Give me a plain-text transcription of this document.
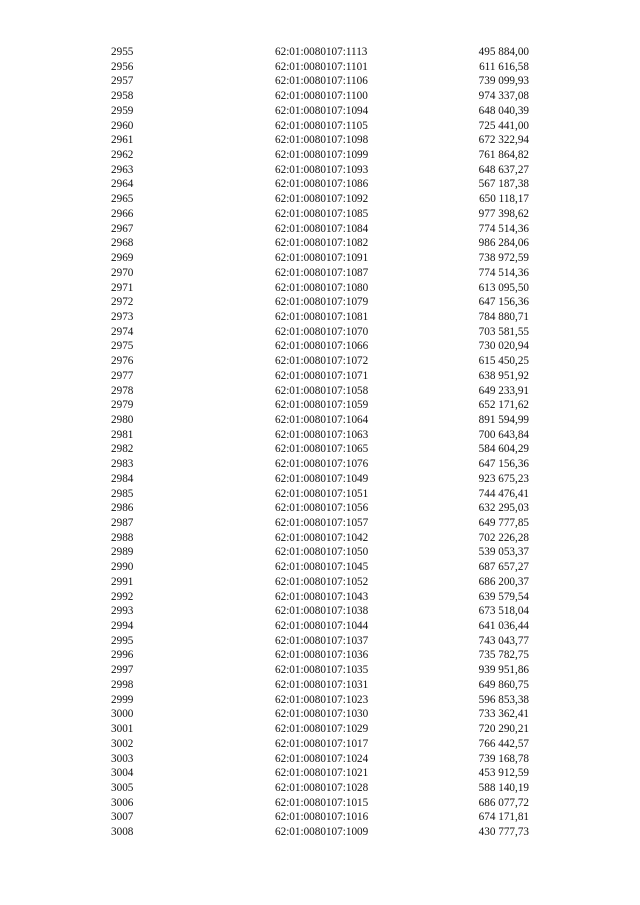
2955	62:01:0080107:1113	495 884,00
2956	62:01:0080107:1101	611 616,58
2957	62:01:0080107:1106	739 099,93
2958	62:01:0080107:1100	974 337,08
2959	62:01:0080107:1094	648 040,39
2960	62:01:0080107:1105	725 441,00
2961	62:01:0080107:1098	672 322,94
2962	62:01:0080107:1099	761 864,82
2963	62:01:0080107:1093	648 637,27
2964	62:01:0080107:1086	567 187,38
2965	62:01:0080107:1092	650 118,17
2966	62:01:0080107:1085	977 398,62
2967	62:01:0080107:1084	774 514,36
2968	62:01:0080107:1082	986 284,06
2969	62:01:0080107:1091	738 972,59
2970	62:01:0080107:1087	774 514,36
2971	62:01:0080107:1080	613 095,50
2972	62:01:0080107:1079	647 156,36
2973	62:01:0080107:1081	784 880,71
2974	62:01:0080107:1070	703 581,55
2975	62:01:0080107:1066	730 020,94
2976	62:01:0080107:1072	615 450,25
2977	62:01:0080107:1071	638 951,92
2978	62:01:0080107:1058	649 233,91
2979	62:01:0080107:1059	652 171,62
2980	62:01:0080107:1064	891 594,99
2981	62:01:0080107:1063	700 643,84
2982	62:01:0080107:1065	584 604,29
2983	62:01:0080107:1076	647 156,36
2984	62:01:0080107:1049	923 675,23
2985	62:01:0080107:1051	744 476,41
2986	62:01:0080107:1056	632 295,03
2987	62:01:0080107:1057	649 777,85
2988	62:01:0080107:1042	702 226,28
2989	62:01:0080107:1050	539 053,37
2990	62:01:0080107:1045	687 657,27
2991	62:01:0080107:1052	686 200,37
2992	62:01:0080107:1043	639 579,54
2993	62:01:0080107:1038	673 518,04
2994	62:01:0080107:1044	641 036,44
2995	62:01:0080107:1037	743 043,77
2996	62:01:0080107:1036	735 782,75
2997	62:01:0080107:1035	939 951,86
2998	62:01:0080107:1031	649 860,75
2999	62:01:0080107:1023	596 853,38
3000	62:01:0080107:1030	733 362,41
3001	62:01:0080107:1029	720 290,21
3002	62:01:0080107:1017	766 442,57
3003	62:01:0080107:1024	739 168,78
3004	62:01:0080107:1021	453 912,59
3005	62:01:0080107:1028	588 140,19
3006	62:01:0080107:1015	686 077,72
3007	62:01:0080107:1016	674 171,81
3008	62:01:0080107:1009	430 777,73
